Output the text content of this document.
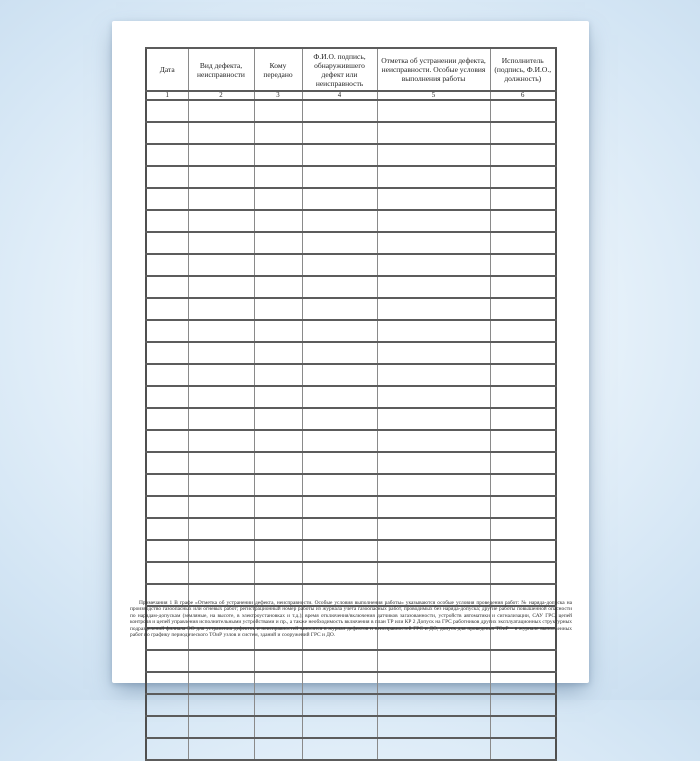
Дата	Вид дефекта, неисправности	Кому передано	Ф.И.О. подпись, обнаружившего дефект или неисправность	Отметка об устранении дефекта, неисправности. Особые условия выполнения работы	Исполнитель (подпись, Ф.И.О., должность)
1	2	3	4	5	6

Примечания 1 В графе «Отметка об устранении дефекта, неисправности. Особые условия выполнения работы» указываются особые условия проведения работ: № наряда-допуска на производство газоопасных или огневых работ; регистрационный номер работы из журнала учета газоопасных работ, проводимых без наряда-допуска; другие работы повышенной опасности по нарядам-допускам (земляные, на высоте, в электроустановках и т.д.); время отключения/включения датчиков загазованности, устройств автоматики и сигнализации, САУ ГРС, цепей контроля и цепей управления исполнительными устройствами и пр., а также необходимость включения в план ТР или КР 2 Допуск на ГРС работников других эксплуатационных структурных подразделений филиала ЭО для устранения дефектов и неисправностей заносятся в журнал дефектов и неисправностей ГРС и ДО, допуск для проведения ТОиР – в журнале выполненных работ по графику периодического ТОиР узлов и систем, зданий и сооружений ГРС и ДО.
